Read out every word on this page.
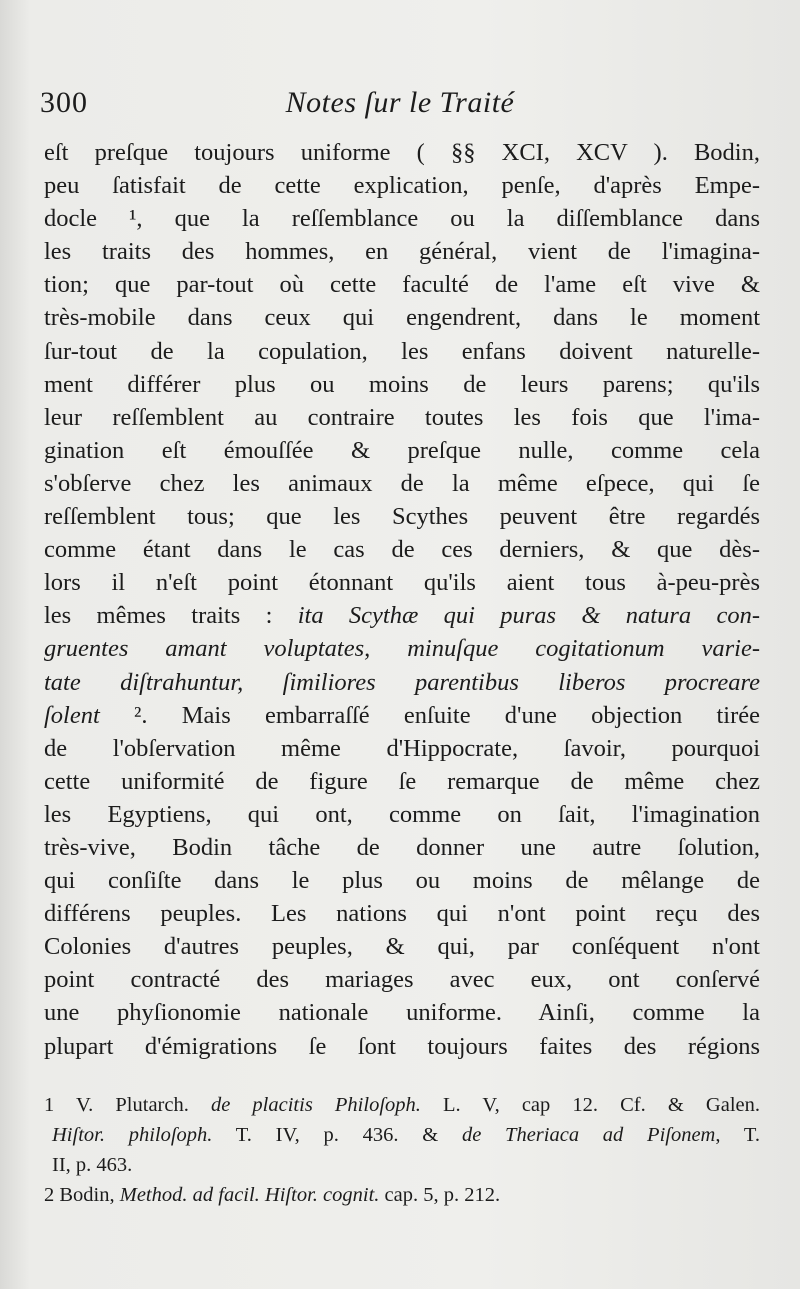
300	Notes ſur le Traité
eſt preſque toujours uniforme ( §§ XCI, XCV ). Bodin,
peu ſatisfait de cette explication, penſe, d'après Empe-
docle ¹, que la reſſemblance ou la diſſemblance dans
les traits des hommes, en général, vient de l'imagina-
tion; que par-tout où cette faculté de l'ame eſt vive &
très-mobile dans ceux qui engendrent, dans le moment
ſur-tout de la copulation, les enfans doivent naturelle-
ment différer plus ou moins de leurs parens; qu'ils
leur reſſemblent au contraire toutes les fois que l'ima-
gination eſt émouſſée & preſque nulle, comme cela
s'obſerve chez les animaux de la même eſpece, qui ſe
reſſemblent tous; que les Scythes peuvent être regardés
comme étant dans le cas de ces derniers, & que dès-
lors il n'eſt point étonnant qu'ils aient tous à-peu-près
les mêmes traits : ita Scythæ qui puras & natura con-
gruentes amant voluptates, minuſque cogitationum varie-
tate diſtrahuntur, ſimiliores parentibus liberos procreare
ſolent ². Mais embarraſſé enſuite d'une objection tirée
de l'obſervation même d'Hippocrate, ſavoir, pourquoi
cette uniformité de figure ſe remarque de même chez
les Egyptiens, qui ont, comme on ſait, l'imagination
très-vive, Bodin tâche de donner une autre ſolution,
qui conſiſte dans le plus ou moins de mêlange de
différens peuples. Les nations qui n'ont point reçu des
Colonies d'autres peuples, & qui, par conſéquent n'ont
point contracté des mariages avec eux, ont conſervé
une phyſionomie nationale uniforme. Ainſi, comme la
plupart d'émigrations ſe ſont toujours faites des régions
1 V. Plutarch. de placitis Philoſoph. L. V, cap 12. Cf. & Galen.
Hiſtor. philoſoph. T. IV, p. 436. & de Theriaca ad Piſonem, T.
II, p. 463.
2 Bodin, Method. ad facil. Hiſtor. cognit. cap. 5, p. 212.
